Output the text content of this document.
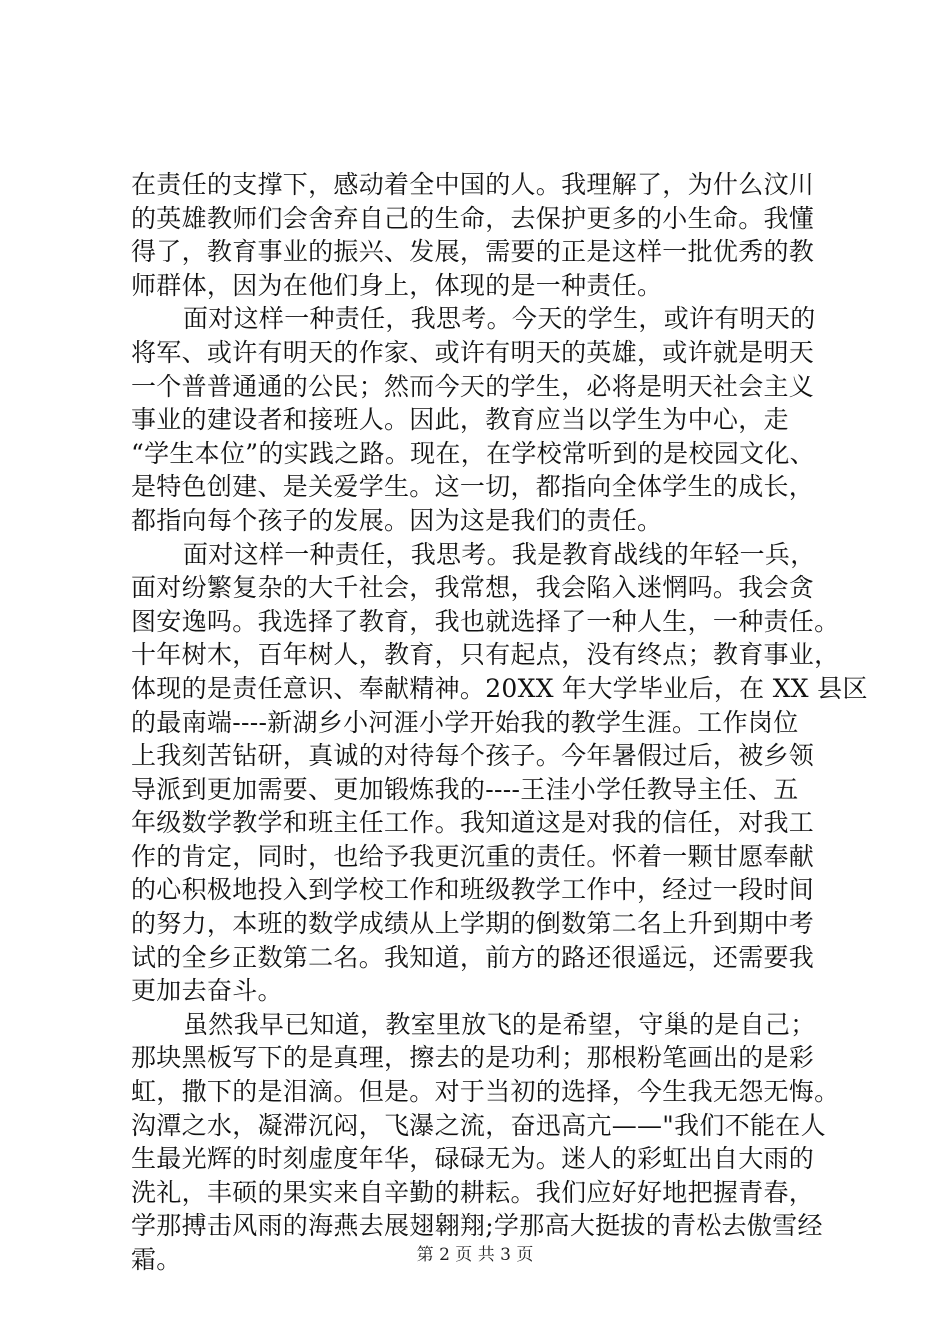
在责任的支撑下，感动着全中国的人。我理解了，为什么汶川
的英雄教师们会舍弃自己的生命，去保护更多的小生命。我懂
得了，教育事业的振兴、发展，需要的正是这样一批优秀的教
师群体，因为在他们身上，体现的是一种责任。
面对这样一种责任，我思考。今天的学生，或许有明天的
将军、或许有明天的作家、或许有明天的英雄，或许就是明天
一个普普通通的公民；然而今天的学生，必将是明天社会主义
事业的建设者和接班人。因此，教育应当以学生为中心，走
“学生本位”的实践之路。现在，在学校常听到的是校园文化、
是特色创建、是关爱学生。这一切，都指向全体学生的成长，
都指向每个孩子的发展。因为这是我们的责任。
面对这样一种责任，我思考。我是教育战线的年轻一兵，
面对纷繁复杂的大千社会，我常想，我会陷入迷惘吗。我会贪
图安逸吗。我选择了教育，我也就选择了一种人生，一种责任。
十年树木，百年树人，教育，只有起点，没有终点；教育事业，
体现的是责任意识、奉献精神。20XX 年大学毕业后，在 XX 县区
的最南端----新湖乡小河涯小学开始我的教学生涯。工作岗位
上我刻苦钻研，真诚的对待每个孩子。今年暑假过后，被乡领
导派到更加需要、更加锻炼我的----王洼小学任教导主任、五
年级数学教学和班主任工作。我知道这是对我的信任，对我工
作的肯定，同时，也给予我更沉重的责任。怀着一颗甘愿奉献
的心积极地投入到学校工作和班级教学工作中，经过一段时间
的努力，本班的数学成绩从上学期的倒数第二名上升到期中考
试的全乡正数第二名。我知道，前方的路还很遥远，还需要我
更加去奋斗。
虽然我早已知道，教室里放飞的是希望，守巢的是自己；
那块黑板写下的是真理，擦去的是功利；那根粉笔画出的是彩
虹，撒下的是泪滴。但是。对于当初的选择，今生我无怨无悔。
沟潭之水，凝滞沉闷，飞瀑之流，奋迅高亢——"我们不能在人
生最光辉的时刻虚度年华，碌碌无为。迷人的彩虹出自大雨的
洗礼，丰硕的果实来自辛勤的耕耘。我们应好好地把握青春，
学那搏击风雨的海燕去展翅翱翔;学那高大挺拔的青松去傲雪经
霜。	第 2 页 共 3 页
